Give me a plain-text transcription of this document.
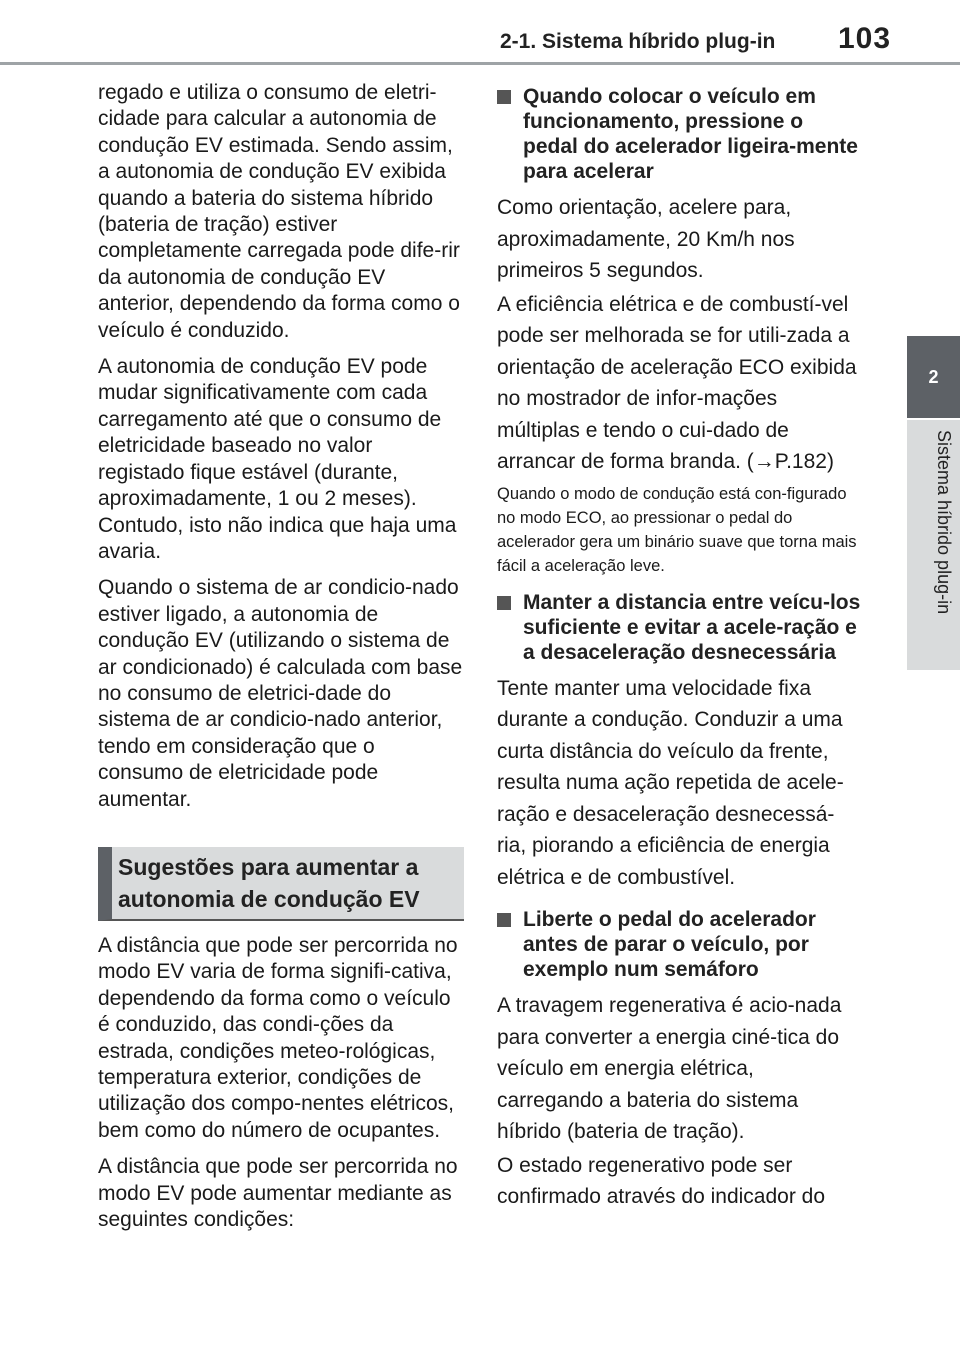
2-1. Sistema híbrido plug-in 103
2
Sistema híbrido plug-in

regado e utiliza o consumo de eletri-cidade para calcular a autonomia de condução EV estimada. Sendo assim, a autonomia de condução EV exibida quando a bateria do sistema híbrido (bateria de tração) estiver completamente carregada pode dife-rir da autonomia de condução EV anterior, dependendo da forma como o veículo é conduzido.

A autonomia de condução EV pode mudar significativamente com cada carregamento até que o consumo de eletricidade baseado no valor registado fique estável (durante, aproximadamente, 1 ou 2 meses). Contudo, isto não indica que haja uma avaria.

Quando o sistema de ar condicio-nado estiver ligado, a autonomia de condução EV (utilizando o sistema de ar condicionado) é calculada com base no consumo de eletrici-dade do sistema de ar condicio-nado anterior, tendo em consideração que o consumo de eletricidade pode aumentar.

Sugestões para aumentar a autonomia de condução EV

A distância que pode ser percorrida no modo EV varia de forma signifi-cativa, dependendo da forma como o veículo é conduzido, das condi-ções da estrada, condições meteo-rológicas, temperatura exterior, condições de utilização dos compo-nentes elétricos, bem como do número de ocupantes.

A distância que pode ser percorrida no modo EV pode aumentar mediante as seguintes condições:

Quando colocar o veículo em funcionamento, pressione o pedal do acelerador ligeira-mente para acelerar

Como orientação, acelere para, aproximadamente, 20 Km/h nos primeiros 5 segundos.

A eficiência elétrica e de combustí-vel pode ser melhorada se for utili-zada a orientação de aceleração ECO exibida no mostrador de infor-mações múltiplas e tendo o cui-dado de arrancar de forma branda. (→P.182)

Quando o modo de condução está con-figurado no modo ECO, ao pressionar o pedal do acelerador gera um binário suave que torna mais fácil a aceleração leve.

Manter a distancia entre veícu-los suficiente e evitar a acele-ração e a desaceleração desnecessária

Tente manter uma velocidade fixa durante a condução. Conduzir a uma curta distância do veículo da frente, resulta numa ação repetida de acele-ração e desaceleração desnecessá-ria, piorando a eficiência de energia elétrica e de combustível.

Liberte o pedal do acelerador antes de parar o veículo, por exemplo num semáforo

A travagem regenerativa é acio-nada para converter a energia ciné-tica do veículo em energia elétrica, carregando a bateria do sistema híbrido (bateria de tração).

O estado regenerativo pode ser confirmado através do indicador do
